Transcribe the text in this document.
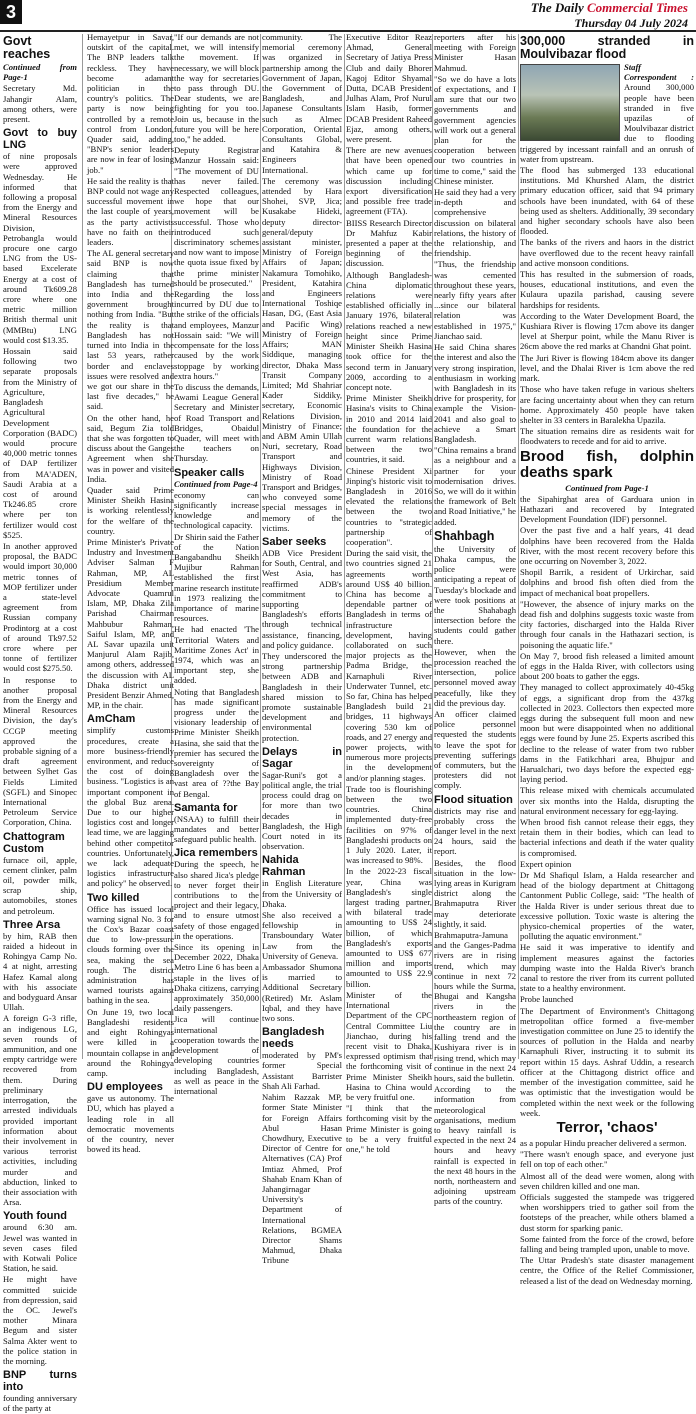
3	The Daily Commercial Times
Thursday 04 July 2024
Govt reaches

Continued from Page-1

Secretary Md. Jahangir Alam, among others, were present.

Govt to buy LNG

of nine proposals were approved Wednesday. He informed that following a proposal from the Energy and Mineral Resources Division, Petrobangla would procure one cargo LNG from the US-based Excelerate Energy at a cost of around Tk609.28 crore where one metric million British thermal unit (MMBtu) LNG would cost $13.35.

Hossain said following two separate proposals from the Ministry of Agriculture, Bangladesh Agricultural Development Corporation (BADC) would procure 40,000 metric tonnes of DAP fertilizer from MA'ADEN, Saudi Arabia at a cost of around Tk246.85 crore where per ton fertilizer would cost $525.

In another approved proposal, the BADC would import 30,000 metric tonnes of MOP fertilizer under a state-level agreement from Russian company Prodintorg at a cost of around Tk97.52 crore where per tonne of fertilizer would cost $275.50.

In response to another proposal from the Energy and Mineral Resources Division, the day's CCGP meeting approved the probable signing of a draft agreement between Sylhet Gas Fields Limited (SGFL) and Sinopec International Petroleum Service Corporation, China.

Chattogram Custom

furnace oil, apple, cement clinker, palm oil, powder milk, scrap ship, automobiles, stones and petroleum.

Three Arsa

by him, RAB then raided a hideout in Rohingya Camp No. 4 at night, arresting Hafez Kamal along with his associate and bodyguard Ansar Ullah.

A foreign G-3 rifle, an indigenous LG, seven rounds of ammunition, and one empty cartridge were recovered from them. During preliminary interrogation, the arrested individuals provided important information about their involvement in various terrorist activities, including murder and abduction, linked to their association with Arsa.

Youth found

around 6:30 am. Jewel was wanted in seven cases filed with Kotwali Police Station, he said.

He might have committed suicide from depression, said the OC. Jewel's mother Minara Begum and sister Salma Akter went to the police station in the morning.

BNP turns into

founding anniversary of the party at

Hemayetpur in Savar, outskirt of the capital. The BNP leaders talk reckless. They have become adamant politician in the country's politics. The party is now being controlled by a remote control from London, Quader said, adding, "BNP's senior leaders are now in fear of losing job."

He said the reality is that BNP could not wage any successful movement in the last couple of years, as the party activists have no faith on their leaders.

The AL general secretary said BNP is now claiming that Bangladesh has turned into India and the government brought nothing from India. "But the reality is that Bangladesh has not turned into India in the last 53 years, rather border and enclaves issues were resolved and we got our share in the last five decades," he said.

On the other hand, he said, Begum Zia told that she was forgotten to discuss about the Ganges Agreement when she was in power and visited India.

Quader said Prime Minister Sheikh Hasina is working relentlessly for the welfare of the country.

Prime Minister's Private Industry and Investment Adviser Salman F Rahman, MP, AL Presidium Member Advocate Quamrul Islam, MP, Dhaka Zila Parishad Chairman Mahbubur Rahman, Saiful Islam, MP, and AL Savar upazila unit Manjurul Alam Rajib, among others, addressed the discussion with AL Dhaka district unit President Benzir Ahmed, MP, in the chair.

AmCham

simplify customs procedures, create a more business-friendly environment, and reduce the cost of doing business. "Logistics is an important component in the global Buz arena. Due to our higher logistics cost and longer lead time, we are lagging behind other competitor countries. Unfortunately, we lack adequate logistics infrastructure and policy" he observed.

Two killed

Office has issued local warning signal No. 3 for the Cox's Bazar coast due to low-pressure clouds forming over the sea, making the sea rough. The district administration has warned tourists against bathing in the sea.

On June 19, two local Bangladeshi residents and eight Rohingyas were killed in a mountain collapse in and around the Rohingya camp.

DU employees

gave us autonomy. The DU, which has played a leading role in all democratic movements of the country, never bowed its head.

"If our demands are not met, we will intensify the movement. If necessary, we will block the way for secretaries to pass through DU. Dear students, we are fighting for you too. Join us, because in the future you will be here too," he added.

Deputy Registrar Manzur Hossain said: "The movement of DU has never failed. Respected colleagues, we hope that our movement will be successful. Those who introduced such discriminatory schemes and now want to impose the quota issue fixed by the prime minister should be prosecuted."

Regarding the loss incurred by DU due to the strike of the officials and employees, Manzur Hossain said: "We will compensate for the loss caused by the work stoppage by working extra hours."

To discuss the demands, Awami League General Secretary and Minister of Road Transport and Bridges, Obaidul Quader, will meet with the teachers on Thursday.

Speaker calls

Continued from Page-4

economy can significantly increase knowledge and technological capacity.

Dr Shirin said the Father of the Nation Bangabandhu Sheikh Mujibur Rahman established the first marine research institute in 1973 realizing the importance of marine resources.

He had enacted 'The Territorial Waters and Maritime Zones Act' in 1974, which was an important step, she added.

Noting that Bangladesh has made significant progress under the visionary leadership of Prime Minister Sheikh Hasina, she said that the premier has secured the sovereignty of Bangladesh over the vast area of ??the Bay of Bengal.

Samanta for

(NSAA) to fulfill their mandates and better safeguard public health.

Jica remembers

During the speech, he also shared Jica's pledge to never forget their contributions to the project and their legacy, and to ensure utmost safety of those engaged in the operations.

Since its opening in December 2022, Dhaka Metro Line 6 has been a staple in the lives of Dhaka citizens, carrying approximately 350,000 daily passengers.

Jica will continue international cooperation towards the development of developing countries including Bangladesh, as well as peace in the international

community. The memorial ceremony was organized in partnership among the Government of Japan, the Government of Bangladesh, and Japanese Consultants such as Almec Corporation, Oriental Consultants Global, and Katahira & Engineers International.

The ceremony was attended by Hara Shohei, SVP, Jica; Kusakabe Hideki, deputy director-general/deputy assistant minister, Ministry of Foreign Affairs of Japan; Nakamura Tomohiko, President, Katahira and Engineers International Toshiqe Hasan, DG, (East Asia and Pacific Wing) Ministry of Foreign Affairs; MAN Siddique, managing director, Dhaka Mass Transit Company Limited; Md Shahriar Kader Siddiky, secretary, Economic Relations Division, Ministry of Finance; and ABM Amin Ullah Nuri, secretary, Road Transport and Highways Division, Ministry of Road Transport and Bridges, who conveyed some special messages in memory of the victims.

Saber seeks

ADB Vice President for South, Central, and West Asia, has reaffirmed ADB's commitment to supporting Bangladesh's efforts through technical assistance, financing, and policy guidance.

They underscored the strong partnership between ADB and Bangladesh in their shared mission to promote sustainable development and environmental protection.

Delays in Sagar

Sagar-Runi's got a political angle, the trial process could drag on for more than two decades in Bangladesh, the High Court noted in its observation.

Nahida Rahman

in English Literature from the University of Dhaka.

She also received a fellowship in Transboundary Water Law from the University of Geneva.

Ambassador Shumona is married to Additional Secretary (Retired) Mr. Aslam Iqbal, and they have two sons.

Bangladesh needs

moderated by PM's former Special Assistant Barrister Shah Ali Farhad.

Nahim Razzak MP, former State Minister for Foreign Affairs Abul Hasan Chowdhury, Executive Director of Centre for Alternatives (CA) Prof Imtiaz Ahmed, Prof Shahab Enam Khan of Jahangirnagar University's Department of International Relations, BGMEA Director Shams Mahmud, Dhaka Tribune

Executive Editor Reaz Ahmad, General Secretary of Jatiya Press Club and daily Bhorer Kagoj Editor Shyamal Dutta, DCAB President Julhas Alam, Prof Nurul Islam Hasib, former DCAB President Raheed Ejaz, among others, were present.

There are new avenues that have been opened which came up for discussion including export diversification and possible free trade agreement (FTA).

BIISS Research Director Dr Mahfuz Kabir presented a paper at the beginning of the discussion.

Although Bangladesh-China diplomatic relations were established officially in January 1976, bilateral relations reached a new height since Prime Minister Sheikh Hasina took office for the second term in January 2009, according to a concept note.

Prime Minister Sheikh Hasina's visits to China in 2010 and 2014 laid the foundation for the current warm relations between the two countries, it said.

Chinese President Xi Jinping's historic visit to Bangladesh in 2016 elevated the relations between the two countries to "strategic partnership of cooperation".

During the said visit, the two countries signed 21 agreements worth around US$ 40 billion. China has become a dependable partner of Bangladesh in terms of infrastructure development, having collaborated on such major projects as the Padma Bridge, the Karnaphuli River Underwater Tunnel, etc. So far, China has helped Bangladesh build 21 bridges, 11 highways covering 530 km of roads, and 27 energy and power projects, with numerous more projects in the development and/or planning stages.

Trade too is flourishing between the two countries. China implemented duty-free facilities on 97% of Bangladeshi products on 1 July 2020. Later, it was increased to 98%.

In the 2022-23 fiscal year, China was Bangladesh's single largest trading partner, with bilateral trade amounting to US$ 24 billion, of which Bangladesh's exports amounted to US$ 677 million and imports amounted to US$ 22.9 billion.

Minister of the International Department of the CPC Central Committee Liu Jianchao, during his recent visit to Dhaka, expressed optimism that the forthcoming visit of Prime Minister Sheikh Hasina to China would be very fruitful one.

"I think that the forthcoming visit by the Prime Minister is going to be a very fruitful one," he told

reporters after his meeting with Foreign Minister Hasan Mahmud.

"So we do have a lots of expectations, and I am sure that our two governments and government agencies will work out a general plan for the cooperation between our two countries in time to come," said the Chinese minister.

He said they had a very in-depth and comprehensive discussion on bilateral relations, the history of the relationship, and friendship.

"Thus, the friendship was cemented throughout these years, nearly fifty years after ...since our bilateral relation was established in 1975," Jianchao said.

He said China shares the interest and also the very strong inspiration, enthusiasm in working with Bangladesh in its drive for prosperity, for example the Vision-2041 and also goal to achieve a Smart Bangladesh.

"China remains a brand as a neighbour and a partner for your modernisation drives. So, we will do it within the framework of Belt and Road Initiative," he added.

Shahbagh

the University of Dhaka campus, the police were anticipating a repeat of Tuesday's blockade and were took positions at the Shahabagh intersection before the students could gather there.

However, when the procession reached the intersection, police personnel moved away peacefully, like they did the previous day.

An officer claimed police personnel requested the students to leave the spot for preventing sufferings of commuters, but the protesters did not comply.

Flood situation

districts may rise and probably cross the danger level in the next 24 hours, said the report.

Besides, the flood situation in the low-lying areas in Kurigram district along the Brahmaputra River may deteriorate slightly, it said.

Brahmaputra-Jamuna and the Ganges-Padma rivers are in rising trend, which may continue in next 72 hours while the Surma, Bhugai and Kangsha rivers in the northeastern region of the country are in falling trend and the Kushiyara river is in rising trend, which may continue in the next 24 hours, said the bulletin.

According to the information from meteorological organisations, medium to heavy rainfall is expected in the next 24 hours and heavy rainfall is expected in the next 48 hours in the north, northeastern and adjoining upstream parts of the country.

300,000 stranded in Moulvibazar flood

Staff Correspondent : Around 300,000 people have been stranded in five upazilas of Moulvibazar district due to flooding triggered by incessant rainfall and an onrush of water from upstream.

The flood has submerged 133 educational institutions. Md Khurshed Alam, the district primary education officer, said that 94 primary schools have been inundated, with 64 of these being used as shelters. Additionally, 39 secondary and higher secondary schools have also been flooded.

The banks of the rivers and haors in the district have overflowed due to the recent heavy rainfall and active monsoon conditions.

This has resulted in the submersion of roads, houses, educational institutions, and even the Kulaura upazila parishad, causing severe hardships for residents.

According to the Water Development Board, the Kushiara River is flowing 17cm above its danger level at Sherpur point, while the Manu River is 26cm above the red marks at Chandni Ghat point.

The Juri River is flowing 184cm above its danger level, and the Dhalai River is 1cm above the red mark.

Those who have taken refuge in various shelters are facing uncertainty about when they can return home. Approximately 450 people have taken shelter in 33 centers in Baralekha Upazila.

The situation remains dire as residents wait for floodwaters to recede and for aid to arrive.

Brood fish, dolphin deaths spark

Continued from Page-1

the Sipahirghat area of Garduara union in Hathazari and recovered by Integrated Development Foundation (IDF) personnel.

Over the past five and a half years, 41 dead dolphins have been recovered from the Halda River, with the most recent recovery before this one occurring on November 3, 2022.

Shopil Barrik, a resident of Urkirchar, said dolphins and brood fish often died from the impact of mechanical boat propellers.

"However, the absence of injury marks on the dead fish and dolphins suggests toxic waste from city factories, discharged into the Halda River through four canals in the Hathazari section, is poisoning the aquatic life."

On May 7, brood fish released a limited amount of eggs in the Halda River, with collectors using about 200 boats to gather the eggs.

They managed to collect approximately 40-45kg of eggs, a significant drop from the 437kg collected in 2023. Collectors then expected more eggs during the subsequent full moon and new moon but were disappointed when no additional eggs were found by June 25. Experts ascribed this decline to the release of water from two rubber dams in the Fatikchhari area, Bhujpur and Harualchari, two days before the expected egg-laying period.

This release mixed with chemicals accumulated over six months into the Halda, disrupting the natural environment necessary for egg-laying.

When brood fish cannot release their eggs, they retain them in their bodies, which can lead to bacterial infections and death if the water quality is compromised.

Expert opinion

Dr Md Shafiqul Islam, a Halda researcher and head of the biology department at Chittagong Cantonment Public College, said: "The health of the Halda River is under serious threat due to excessive pollution. Toxic waste is altering the physico-chemical properties of the water, polluting the aquatic environment."

He said it was imperative to identify and implement measures against the factories dumping waste into the Halda River's branch canal to restore the river from its current polluted state to a healthy environment.

Probe launched

The Department of Environment's Chittagong metropolitan office formed a five-member investigation committee on June 25 to identify the sources of pollution in the Halda and nearby Karnaphuli River, instructing it to submit its report within 15 days. Ashraf Uddin, a research officer at the Chittagong district office and member of the investigation committee, said he was optimistic that the investigation would be completed within the next week or the following week.

Terror, 'chaos'

as a popular Hindu preacher delivered a sermon.

"There wasn't enough space, and everyone just fell on top of each other."

Almost all of the dead were women, along with seven children killed and one man.

Officials suggested the stampede was triggered when worshippers tried to gather soil from the footsteps of the preacher, while others blamed a dust storm for sparking panic.

Some fainted from the force of the crowd, before falling and being trampled upon, unable to move.

The Uttar Pradesh's state disaster management centre, the Office of the Relief Commissioner, released a list of the dead on Wednesday morning.
